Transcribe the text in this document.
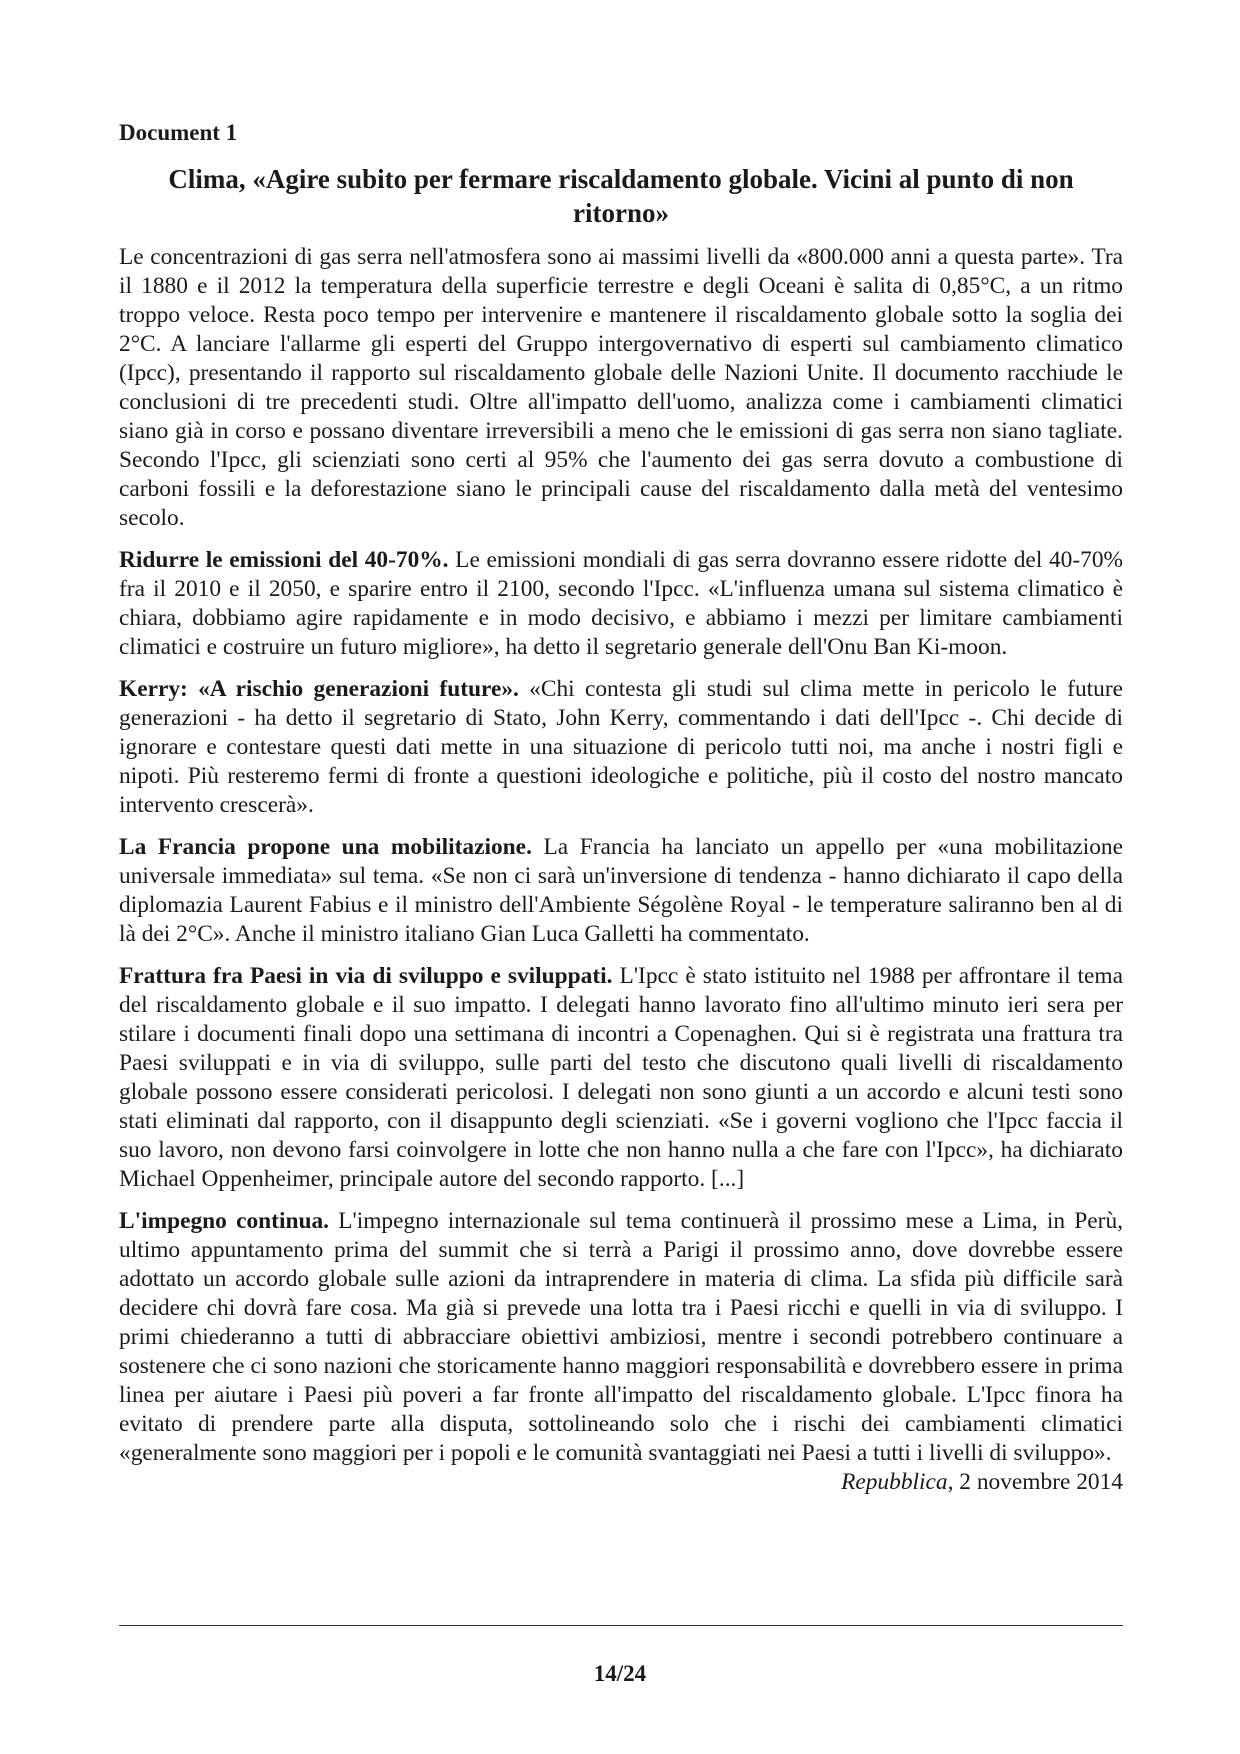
Document 1
Clima, «Agire subito per fermare riscaldamento globale. Vicini al punto di non ritorno»

Le concentrazioni di gas serra nell'atmosfera sono ai massimi livelli da «800.000 anni a questa parte». Tra il 1880 e il 2012 la temperatura della superficie terrestre e degli Oceani è salita di 0,85°C, a un ritmo troppo veloce. Resta poco tempo per intervenire e mantenere il riscaldamento globale sotto la soglia dei 2°C. A lanciare l'allarme gli esperti del Gruppo intergovernativo di esperti sul cambiamento climatico (Ipcc), presentando il rapporto sul riscaldamento globale delle Nazioni Unite. Il documento racchiude le conclusioni di tre precedenti studi. Oltre all'impatto dell'uomo, analizza come i cambiamenti climatici siano già in corso e possano diventare irreversibili a meno che le emissioni di gas serra non siano tagliate. Secondo l'Ipcc, gli scienziati sono certi al 95% che l'aumento dei gas serra dovuto a combustione di carboni fossili e la deforestazione siano le principali cause del riscaldamento dalla metà del ventesimo secolo.

Ridurre le emissioni del 40-70%. Le emissioni mondiali di gas serra dovranno essere ridotte del 40-70% fra il 2010 e il 2050, e sparire entro il 2100, secondo l'Ipcc. «L'influenza umana sul sistema climatico è chiara, dobbiamo agire rapidamente e in modo decisivo, e abbiamo i mezzi per limitare cambiamenti climatici e costruire un futuro migliore», ha detto il segretario generale dell'Onu Ban Ki-moon.

Kerry: «A rischio generazioni future». «Chi contesta gli studi sul clima mette in pericolo le future generazioni - ha detto il segretario di Stato, John Kerry, commentando i dati dell'Ipcc -. Chi decide di ignorare e contestare questi dati mette in una situazione di pericolo tutti noi, ma anche i nostri figli e nipoti. Più resteremo fermi di fronte a questioni ideologiche e politiche, più il costo del nostro mancato intervento crescerà».

La Francia propone una mobilitazione. La Francia ha lanciato un appello per «una mobilitazione universale immediata» sul tema. «Se non ci sarà un'inversione di tendenza - hanno dichiarato il capo della diplomazia Laurent Fabius e il ministro dell'Ambiente Ségolène Royal - le temperature saliranno ben al di là dei 2°C». Anche il ministro italiano Gian Luca Galletti ha commentato.

Frattura fra Paesi in via di sviluppo e sviluppati. L'Ipcc è stato istituito nel 1988 per affrontare il tema del riscaldamento globale e il suo impatto. I delegati hanno lavorato fino all'ultimo minuto ieri sera per stilare i documenti finali dopo una settimana di incontri a Copenaghen. Qui si è registrata una frattura tra Paesi sviluppati e in via di sviluppo, sulle parti del testo che discutono quali livelli di riscaldamento globale possono essere considerati pericolosi. I delegati non sono giunti a un accordo e alcuni testi sono stati eliminati dal rapporto, con il disappunto degli scienziati. «Se i governi vogliono che l'Ipcc faccia il suo lavoro, non devono farsi coinvolgere in lotte che non hanno nulla a che fare con l'Ipcc», ha dichiarato Michael Oppenheimer, principale autore del secondo rapporto. [...]

L'impegno continua. L'impegno internazionale sul tema continuerà il prossimo mese a Lima, in Perù, ultimo appuntamento prima del summit che si terrà a Parigi il prossimo anno, dove dovrebbe essere adottato un accordo globale sulle azioni da intraprendere in materia di clima. La sfida più difficile sarà decidere chi dovrà fare cosa. Ma già si prevede una lotta tra i Paesi ricchi e quelli in via di sviluppo. I primi chiederanno a tutti di abbracciare obiettivi ambiziosi, mentre i secondi potrebbero continuare a sostenere che ci sono nazioni che storicamente hanno maggiori responsabilità e dovrebbero essere in prima linea per aiutare i Paesi più poveri a far fronte all'impatto del riscaldamento globale. L'Ipcc finora ha evitato di prendere parte alla disputa, sottolineando solo che i rischi dei cambiamenti climatici «generalmente sono maggiori per i popoli e le comunità svantaggiati nei Paesi a tutti i livelli di sviluppo».

Repubblica, 2 novembre 2014

14/24
